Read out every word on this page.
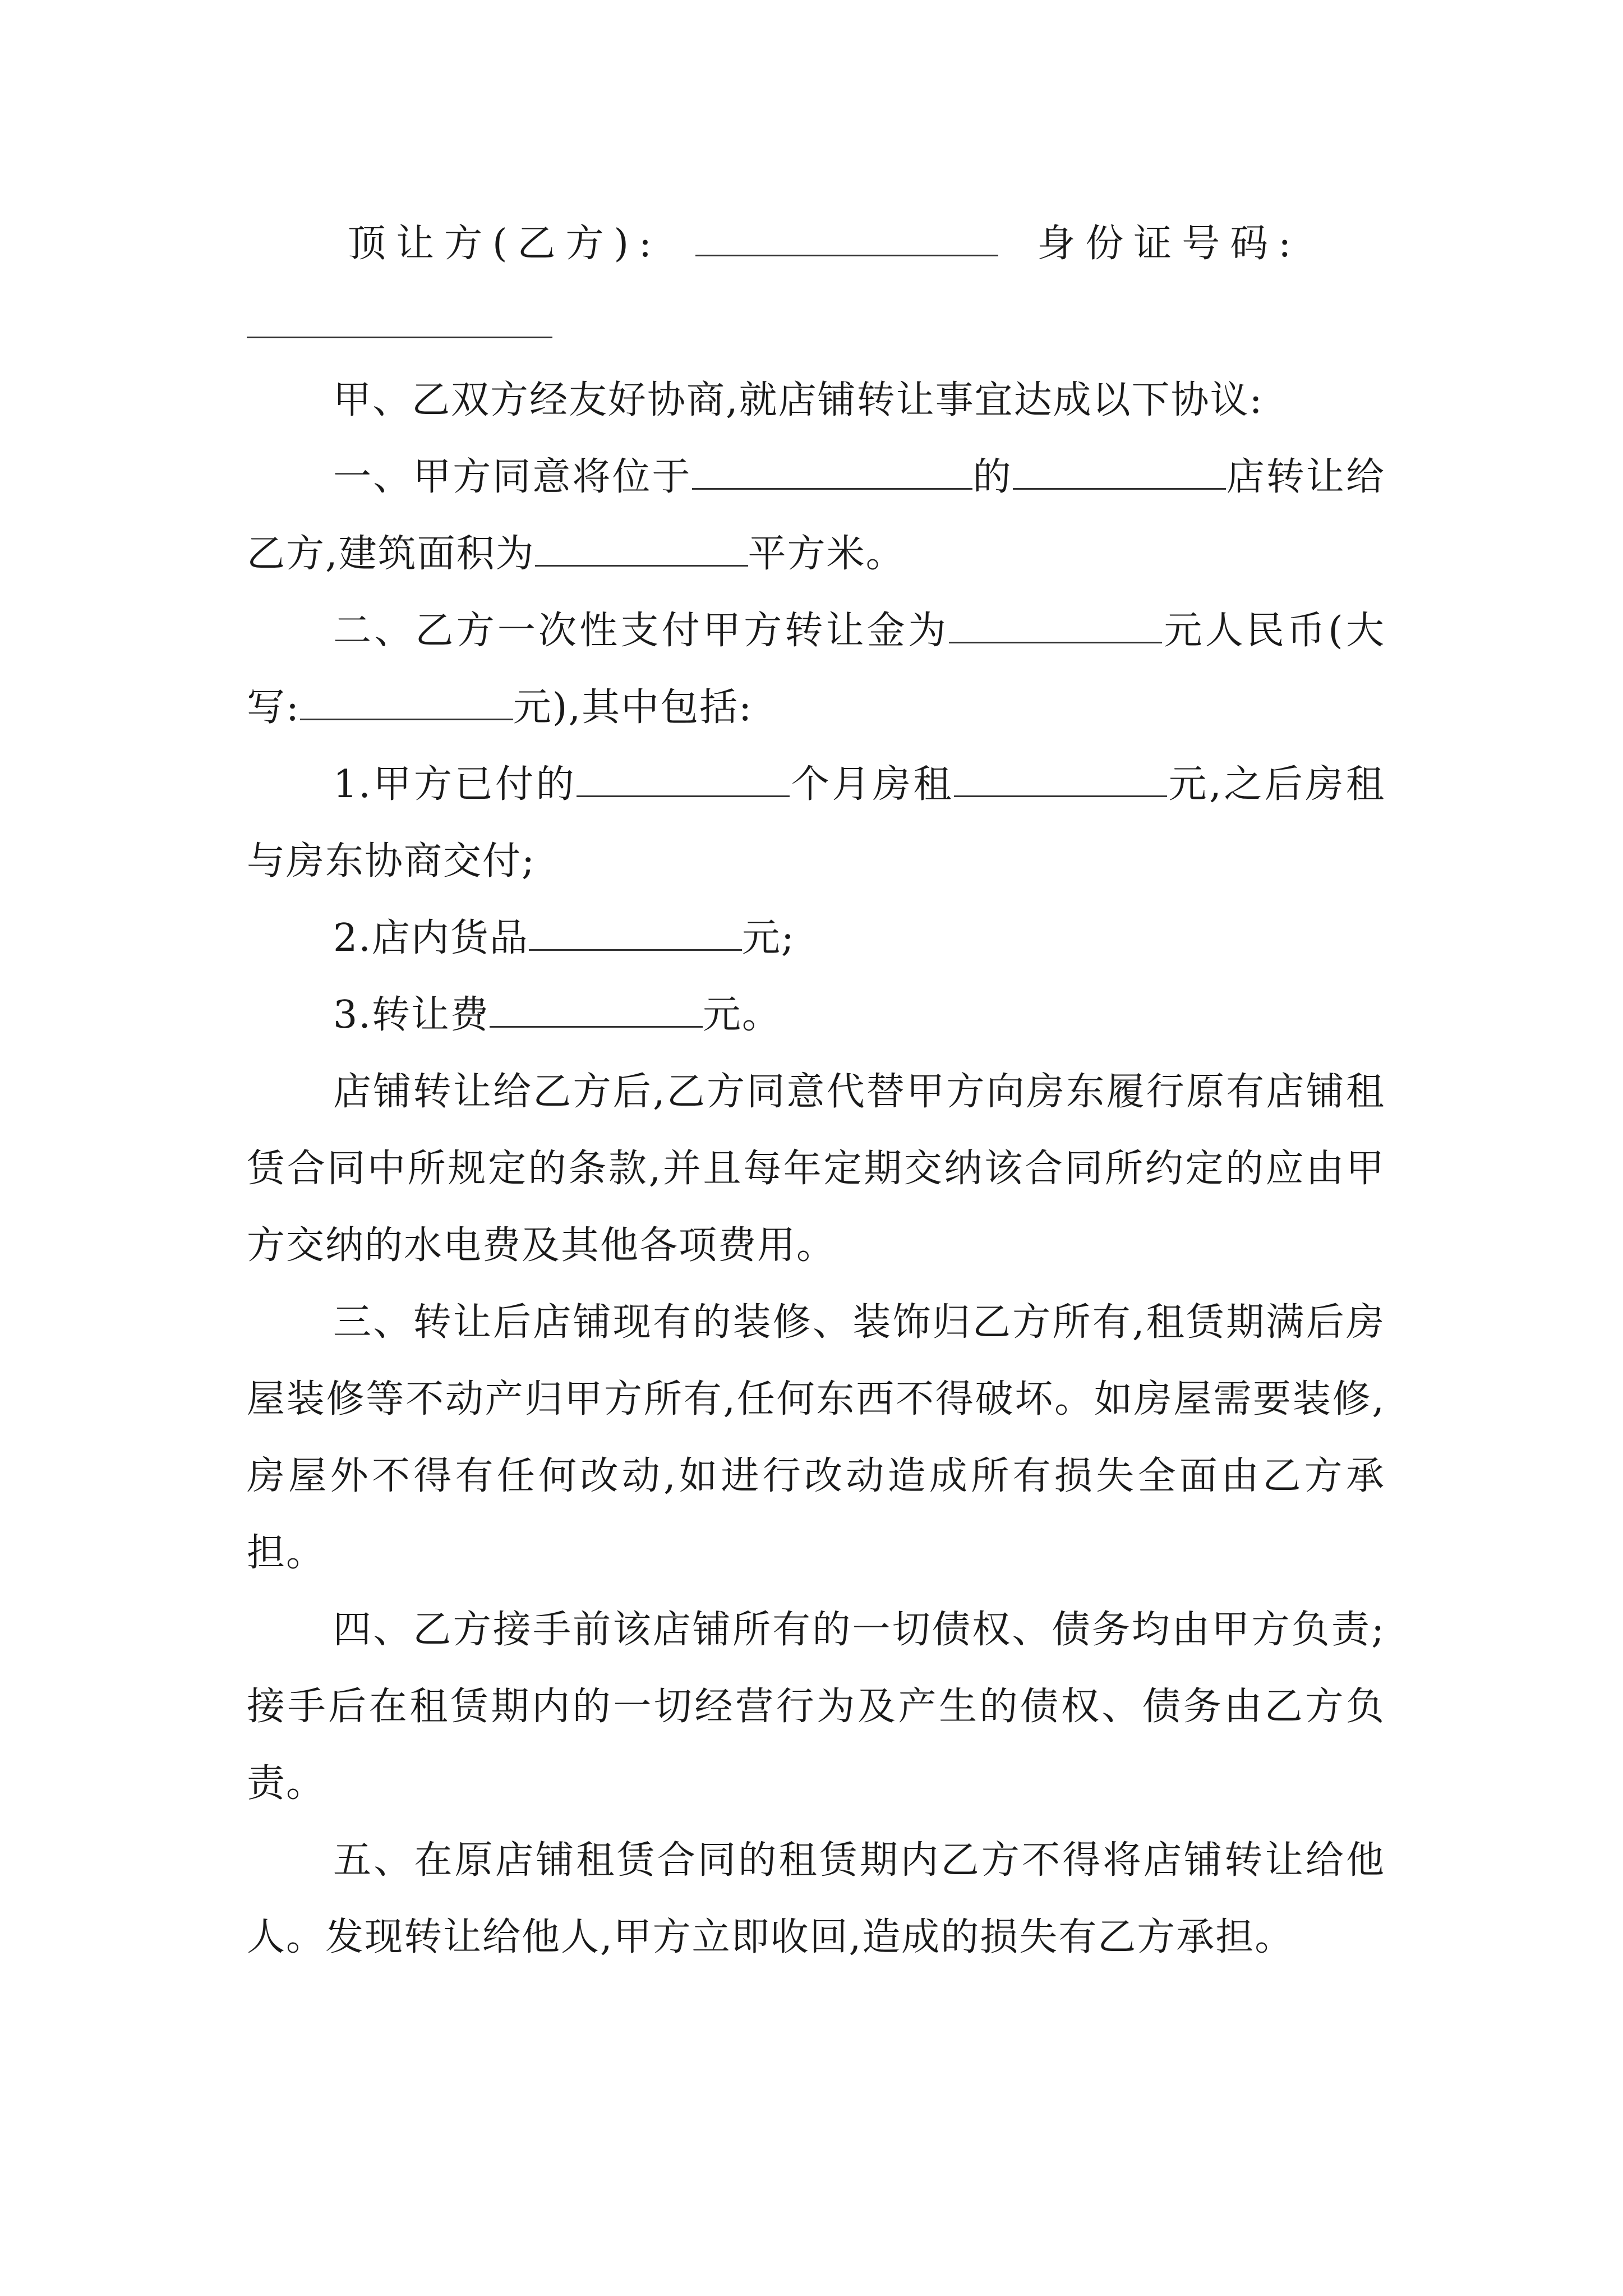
顶让方(乙方):	身份证号码:

甲、乙双方经友好协商,就店铺转让事宜达成以下协议:

一、甲方同意将位于	的	店转让给乙方,建筑面积为	平方米。

二、乙方一次性支付甲方转让金为	元人民币(大写:	元),其中包括:

1.甲方已付的	个月房租	元,之后房租与房东协商交付;

2.店内货品	元;

3.转让费	元。

店铺转让给乙方后,乙方同意代替甲方向房东履行原有店铺租赁合同中所规定的条款,并且每年定期交纳该合同所约定的应由甲方交纳的水电费及其他各项费用。

三、转让后店铺现有的装修、装饰归乙方所有,租赁期满后房屋装修等不动产归甲方所有,任何东西不得破坏。如房屋需要装修,房屋外不得有任何改动,如进行改动造成所有损失全面由乙方承担。

四、乙方接手前该店铺所有的一切债权、债务均由甲方负责;接手后在租赁期内的一切经营行为及产生的债权、债务由乙方负责。

五、在原店铺租赁合同的租赁期内乙方不得将店铺转让给他人。发现转让给他人,甲方立即收回,造成的损失有乙方承担。
